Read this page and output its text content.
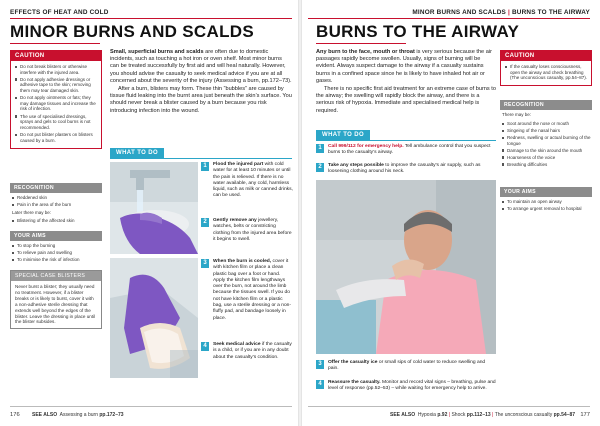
EFFECTS OF HEAT AND COLD
MINOR BURNS AND SCALDS
CAUTION
Do not break blisters or otherwise interfere with the injured area.
Do not apply adhesive dressings or adhesive tape to the skin; removing them may tear damaged skin.
Do not apply ointments or fats; they may damage tissues and increase the risk of infection.
The use of specialised dressings, sprays and gels to cool burns is not recommended.
Do not put blister plasters on blisters caused by a burn.
RECOGNITION
Reddened skin
Pain in the area of the burn
Later there may be:
Blistering of the affected skin
YOUR AIMS
To stop the burning
To relieve pain and swelling
To minimise the risk of infection
SPECIAL CASE BLISTERS
Never burst a blister; they usually need no treatment. However, if a blister breaks or is likely to burst, cover it with a non-adhesive sterile dressing that extends well beyond the edges of the blister. Leave the dressing in place until the blister subsides.

Small, superficial burns and scalds are often due to domestic incidents, such as touching a hot iron or oven shelf. Most minor burns can be treated successfully by first aid and will heal naturally. However, you should advise the casualty to seek medical advice if you are at all concerned about the severity of the injury (Assessing a burn, pp.172–73).

After a burn, blisters may form. These thin “bubbles” are caused by tissue fluid leaking into the burnt area just beneath the skin’s surface. You should never break a blister caused by a burn because you risk introducing infection into the wound.

WHAT TO DO
1	Flood the injured part with cold water for at least 10 minutes or until the pain is relieved. If there is no water available, any cold, harmless liquid, such as milk or canned drinks, can be used.
2	Gently remove any jewellery, watches, belts or constricting clothing from the injured area before it begins to swell.
3	When the burn is cooled, cover it with kitchen film or place a clean plastic bag over a foot or hand. Apply the kitchen film lengthways over the burn, not around the limb because the tissues swell. If you do not have kitchen film or a plastic bag, use a sterile dressing or a non-fluffy pad, and bandage loosely in place.
4	Seek medical advice if the casualty is a child, or if you are in any doubt about the casualty’s condition.
176 SEE ALSO Assessing a burn pp.172–73
MINOR BURNS AND SCALDS | BURNS TO THE AIRWAY
BURNS TO THE AIRWAY

Any burn to the face, mouth or throat is very serious because the air passages rapidly become swollen. Usually, signs of burning will be evident. Always suspect damage to the airway if a casualty sustains burns in a confined space since he is likely to have inhaled hot air or gases.

There is no specific first aid treatment for an extreme case of burns to the airway; the swelling will rapidly block the airway, and there is a serious risk of hypoxia. Immediate and specialised medical help is required.

WHAT TO DO
1	Call 999/112 for emergency help. Tell ambulance control that you suspect burns to the casualty’s airway.
2	Take any steps possible to improve the casualty’s air supply, such as loosening clothing around his neck.
3	Offer the casualty ice or small sips of cold water to reduce swelling and pain.
4	Reassure the casualty. Monitor and record vital signs – breathing, pulse and level of response (pp.52–53) – while waiting for emergency help to arrive.
CAUTION
If the casualty loses consciousness, open the airway and check breathing (The unconscious casualty, pp.54–87).
RECOGNITION
There may be:
Soot around the nose or mouth
Singeing of the nasal hairs
Redness, swelling or actual burning of the tongue
Damage to the skin around the mouth
Hoarseness of the voice
Breathing difficulties
YOUR AIMS
To maintain an open airway
To arrange urgent removal to hospital
SEE ALSO Hypoxia p.92 | Shock pp.112–13 | The unconscious casualty pp.54–87 177
